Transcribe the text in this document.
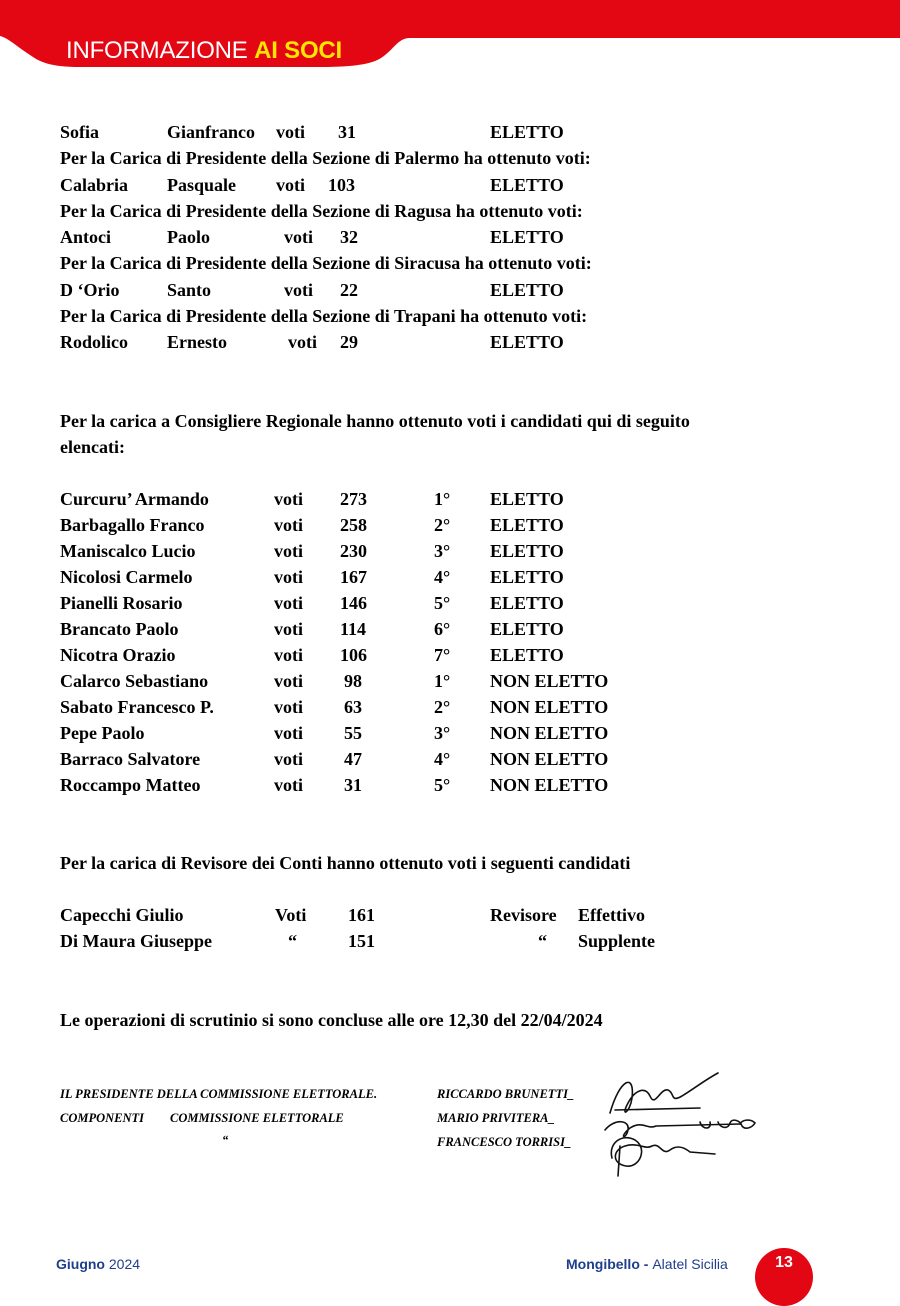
INFORMAZIONE AI SOCI
Sofia	Gianfranco voti 31	ELETTO
Per la Carica di Presidente della Sezione di Palermo ha ottenuto voti:
Calabria Pasquale voti 103	ELETTO
Per la Carica di Presidente della Sezione di Ragusa ha ottenuto voti:
Antoci	Paolo	voti 32	ELETTO
Per la Carica di Presidente della Sezione di Siracusa ha ottenuto voti:
D ‘Orio	Santo	voti 22	ELETTO
Per la Carica di Presidente della Sezione di Trapani ha ottenuto voti:
Rodolico Ernesto	voti 29	ELETTO
Per la carica a Consigliere Regionale hanno ottenuto voti i candidati qui di seguito
elencati:
Curcuru’ Armando	voti 273	1° ELETTO
Barbagallo Franco	voti 258	2° ELETTO
Maniscalco Lucio	voti 230	3° ELETTO
Nicolosi Carmelo	voti 167	4° ELETTO
Pianelli Rosario	voti 146	5° ELETTO
Brancato Paolo	voti 114	6° ELETTO
Nicotra Orazio	voti 106	7° ELETTO
Calarco Sebastiano	voti 98	1° NON ELETTO
Sabato Francesco P.	voti 63	2° NON ELETTO
Pepe Paolo	voti 55	3° NON ELETTO
Barraco Salvatore	voti 47	4° NON ELETTO
Roccampo Matteo	voti 31	5° NON ELETTO
Per la carica di Revisore dei Conti hanno ottenuto voti i seguenti candidati
Capecchi Giulio	Voti 161	Revisore Effettivo
Di Maura Giuseppe	“	151	“ Supplente
Le operazioni di scrutinio si sono concluse alle ore 12,30 del 22/04/2024
IL PRESIDENTE DELLA COMMISSIONE ELETTORALE.
COMPONENTI COMMISSIONE ELETTORALE
“
RICCARDO BRUNETTI_
MARIO PRIVITERA_
FRANCESCO TORRISI_
Giugno 2024	Mongibello - Alatel Sicilia	13
